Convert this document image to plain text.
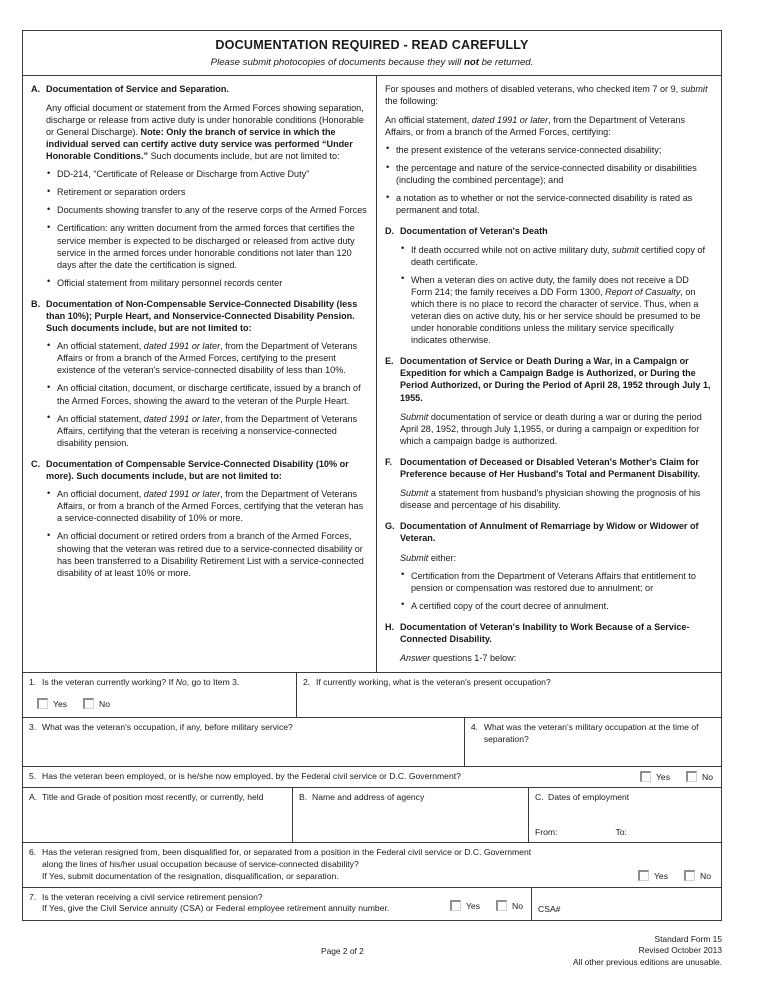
DOCUMENTATION REQUIRED - READ CAREFULLY
Please submit photocopies of documents because they will not be returned.
A. Documentation of Service and Separation.

Any official document or statement from the Armed Forces showing separation, discharge or release from active duty is under honorable conditions (Honorable or General Discharge). Note: Only the branch of service in which the individual served can certify active duty service was performed “Under Honorable Conditions.” Such documents include, but are not limited to:

• DD-214, “Certificate of Release or Discharge from Active Duty”
• Retirement or separation orders
• Documents showing transfer to any of the reserve corps of the Armed Forces
• Certification: any written document from the armed forces that certifies the service member is expected to be discharged or released from active duty service in the armed forces under honorable conditions not later than 120 days after the date the certification is signed.
• Official statement from military personnel records center
B. Documentation of Non-Compensable Service-Connected Disability (less than 10%); Purple Heart, and Nonservice-Connected Disability Pension. Such documents include, but are not limited to:
• An official statement, dated 1991 or later, from the Department of Veterans Affairs or from a branch of the Armed Forces, certifying to the present existence of the veteran's service-connected disability of less than 10%.
• An official citation, document, or discharge certificate, issued by a branch of the Armed Forces, showing the award to the veteran of the Purple Heart.
• An official statement, dated 1991 or later, from the Department of Veterans Affairs, certifying that the veteran is receiving a nonservice-connected disability pension.
C. Documentation of Compensable Service-Connected Disability (10% or more). Such documents include, but are not limited to:
• An official document, dated 1991 or later, from the Department of Veterans Affairs, or from a branch of the Armed Forces, certifying that the veteran has a service-connected disability of 10% or more.
• An official document or retired orders from a branch of the Armed Forces, showing that the veteran was retired due to a service-connected disability or has been transferred to a Disability Retirement List with a service-connected disability of at least 10% or more.

For spouses and mothers of disabled veterans, who checked item 7 or 9, submit the following:

An official statement, dated 1991 or later, from the Department of Veterans Affairs, or from a branch of the Armed Forces, certifying:

• the present existence of the veterans service-connected disability;
• the percentage and nature of the service-connected disability or disabilities (including the combined percentage); and
• a notation as to whether or not the service-connected disability is rated as permanent and total.
D. Documentation of Veteran's Death
• If death occurred while not on active military duty, submit certified copy of death certificate.
• When a veteran dies on active duty, the family does not receive a DD Form 214; the family receives a DD Form 1300, Report of Casualty, on which there is no place to record the character of service. Thus, when a veteran dies on active duty, his or her service should be presumed to be under honorable conditions unless the military service specifically indicates otherwise.
E. Documentation of Service or Death During a War, in a Campaign or Expedition for which a Campaign Badge is Authorized, or During the Period Authorized, or During the Period of April 28, 1952 through July 1, 1955.

Submit documentation of service or death during a war or during the period April 28, 1952, through July 1,1955, or during a campaign or expedition for which a campaign badge is authorized.

F. Documentation of Deceased or Disabled Veteran's Mother's Claim for Preference because of Her Husband's Total and Permanent Disability.

Submit a statement from husband's physician showing the prognosis of his disease and percentage of his disability.

G. Documentation of Annulment of Remarriage by Widow or Widower of Veteran.

Submit either:

• Certification from the Department of Veterans Affairs that entitlement to pension or compensation was restored due to annulment; or
• A certified copy of the court decree of annulment.
H. Documentation of Veteran's Inability to Work Because of a Service-Connected Disability.

Answer questions 1-7 below:

1. Is the veteran currently working? If No, go to Item 3.
Yes	No
2. If currently working, what is the veteran's present occupation?
3. What was the veteran's occupation, if any, before military service?	4. What was the veteran's military occupation at the time of separation?
5. Has the veteran been employed, or is he/she now employed, by the Federal civil service or D.C. Government?	Yes	No
A. Title and Grade of position most recently, or currently, held	B. Name and address of agency	C. Dates of employment
From:	To:
6. Has the veteran resigned from, been disqualified for, or separated from a position in the Federal civil service or D.C. Government
along the lines of his/her usual occupation because of service-connected disability?
If Yes, submit documentation of the resignation, disqualification, or separation.	Yes	No
7. Is the veteran receiving a civil service retirement pension?
If Yes, give the Civil Service annuity (CSA) or Federal employee retirement annuity number.	Yes	No CSA#
Page 2 of 2
Standard Form 15
Revised October 2013
All other previous editions are unusable.
